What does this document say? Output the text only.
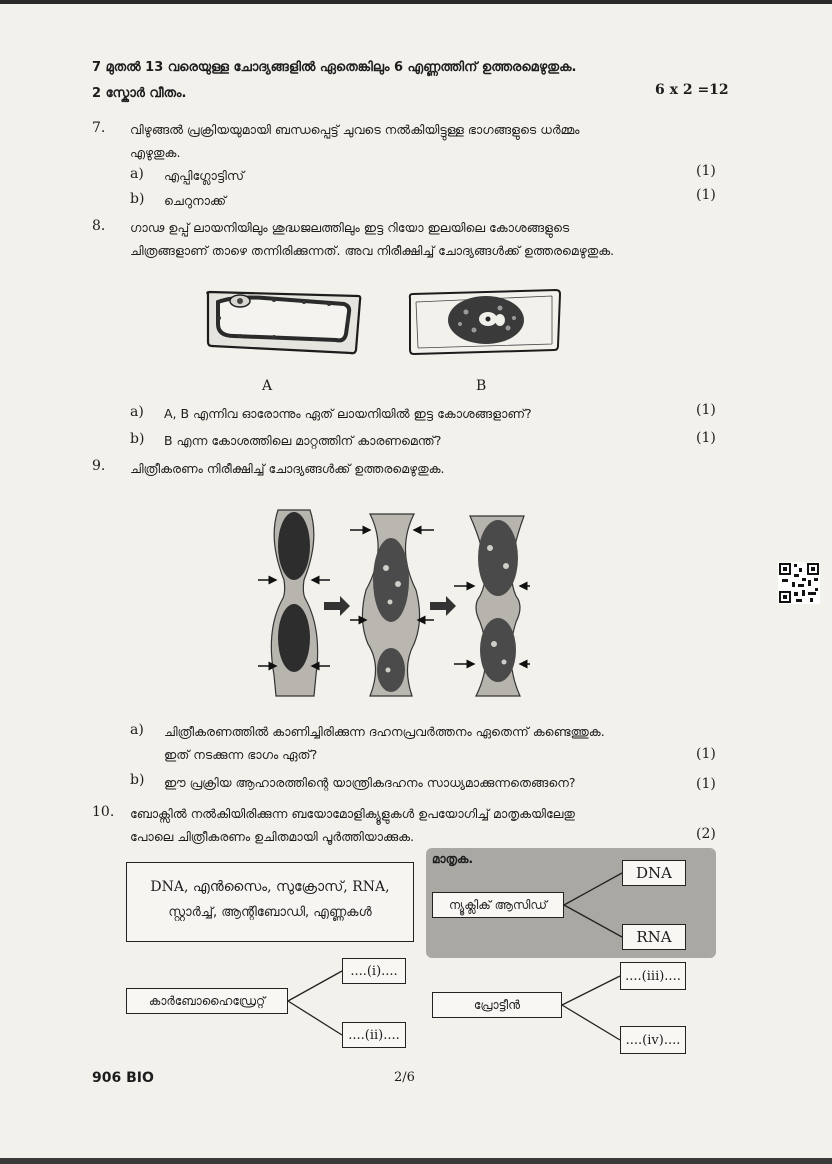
7 മുതൽ 13 വരെയുള്ള ചോദ്യങ്ങളിൽ ഏതെങ്കിലും 6 എണ്ണത്തിന് ഉത്തരമെഴുതുക.
2 സ്കോർ വീതം.	6 x 2 =12
7. വിഴുങ്ങൽ പ്രക്രിയയുമായി ബന്ധപ്പെട്ട് ചുവടെ നൽകിയിട്ടുള്ള ഭാഗങ്ങളുടെ ധർമ്മം
എഴുതുക.
a) എപ്പിഗ്ലോട്ടിസ്	(1)
b) ചെറുനാക്ക്	(1)
8. ഗാഢ ഉപ്പ് ലായനിയിലും ശുദ്ധജലത്തിലും ഇട്ട റിയോ ഇലയിലെ കോശങ്ങളുടെ
ചിത്രങ്ങളാണ് താഴെ തന്നിരിക്കുന്നത്. അവ നിരീക്ഷിച്ച് ചോദ്യങ്ങൾക്ക് ഉത്തരമെഴുതുക.
A	B
a) A, B എന്നിവ ഓരോന്നും ഏത് ലായനിയിൽ ഇട്ട കോശങ്ങളാണ്?	(1)
b) B എന്ന കോശത്തിലെ മാറ്റത്തിന് കാരണമെന്ത്?	(1)
9. ചിത്രീകരണം നിരീക്ഷിച്ച് ചോദ്യങ്ങൾക്ക് ഉത്തരമെഴുതുക.
a) ചിത്രീകരണത്തിൽ കാണിച്ചിരിക്കുന്ന ദഹനപ്രവർത്തനം ഏതെന്ന് കണ്ടെത്തുക.
ഇത് നടക്കുന്ന ഭാഗം ഏത്?	(1)
b) ഈ പ്രക്രിയ ആഹാരത്തിന്റെ യാന്ത്രികദഹനം സാധ്യമാക്കുന്നതെങ്ങനെ?	(1)
10. ബോക്സിൽ നൽകിയിരിക്കുന്ന ബയോമോളിക്യൂളുകൾ ഉപയോഗിച്ച് മാതൃകയിലേതു
പോലെ ചിത്രീകരണം ഉചിതമായി പൂർത്തിയാക്കുക.	(2)
DNA, എൻസൈം, സുക്രോസ്, RNA,
സ്റ്റാർച്ച്, ആന്റിബോഡി, എണ്ണകൾ
മാതൃക.
ന്യൂക്ലിക് ആസിഡ്
DNA
RNA
കാർബോഹൈഡ്രേറ്റ്
....(i)....
....(ii)....
പ്രോട്ടീൻ
....(iii)....
....(iv)....
906 BIO	2/6
